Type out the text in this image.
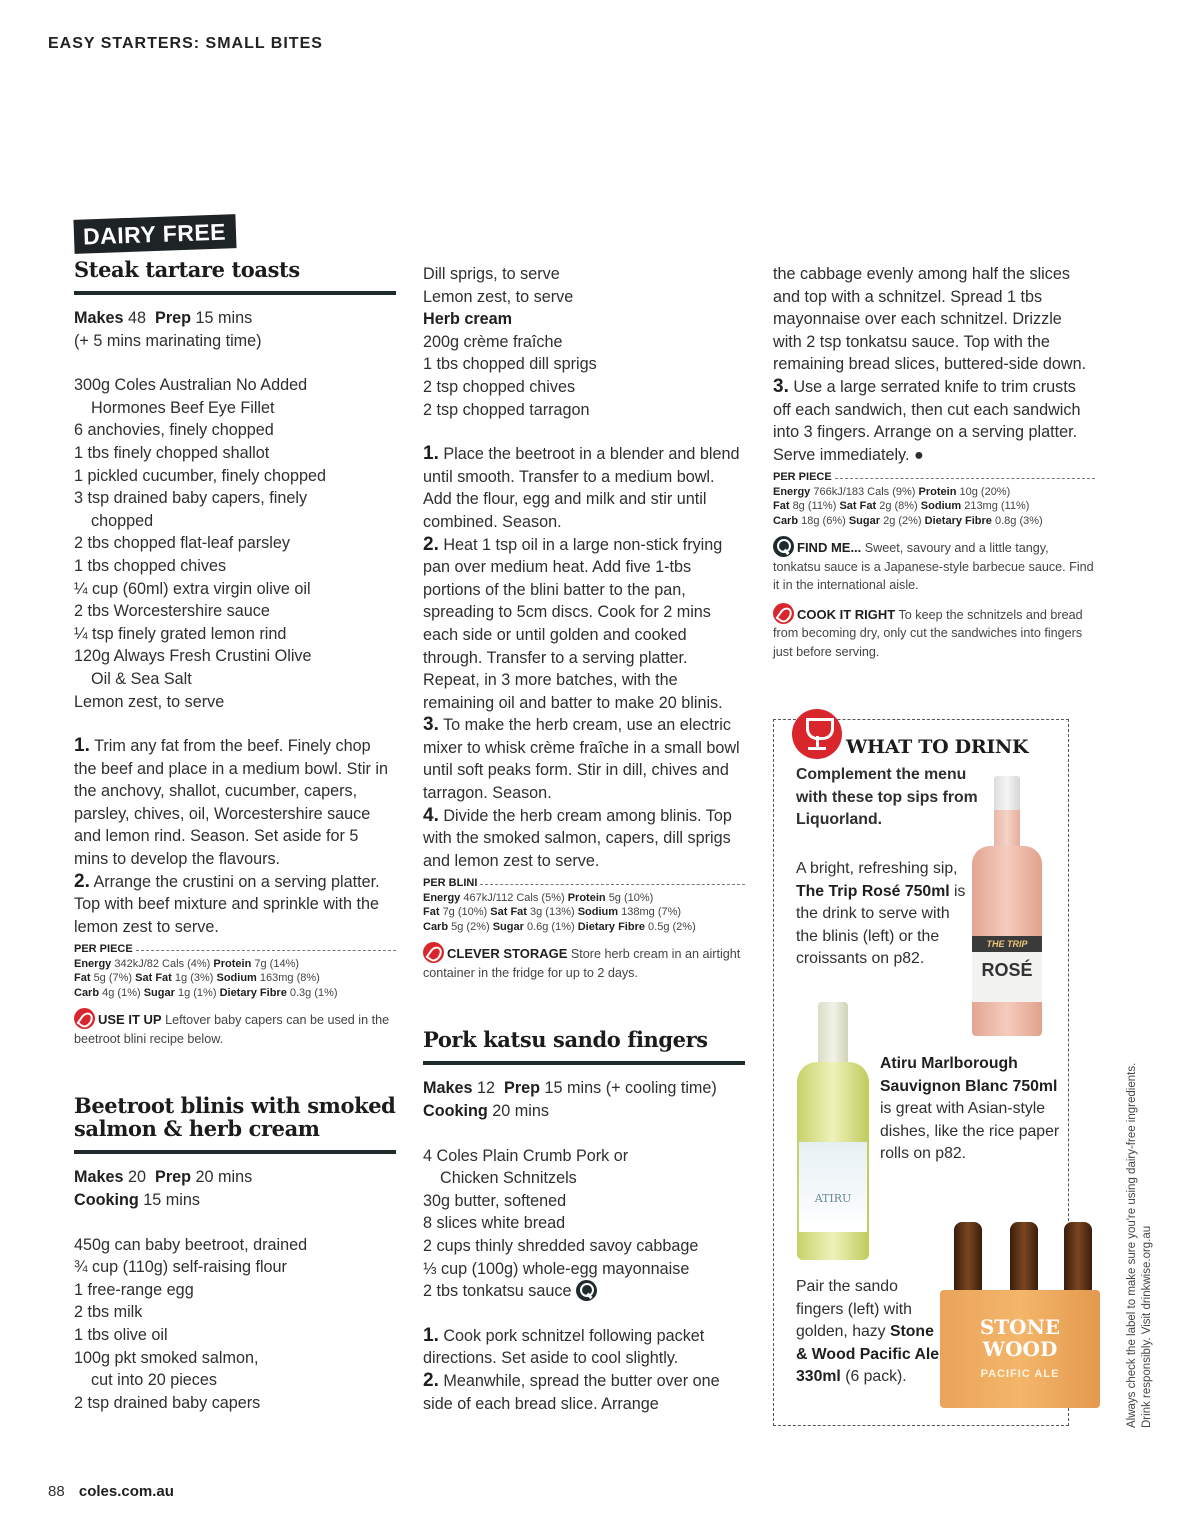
EASY STARTERS: SMALL BITES
DAIRY FREE
Steak tartare toasts
Makes 48 Prep 15 mins
(+ 5 mins marinating time)
300g Coles Australian No Added
Hormones Beef Eye Fillet
6 anchovies, finely chopped
1 tbs finely chopped shallot
1 pickled cucumber, finely chopped
3 tsp drained baby capers, finely
chopped
2 tbs chopped flat-leaf parsley
1 tbs chopped chives
¼ cup (60ml) extra virgin olive oil
2 tbs Worcestershire sauce
¼ tsp finely grated lemon rind
120g Always Fresh Crustini Olive
Oil & Sea Salt
Lemon zest, to serve

1. Trim any fat from the beef. Finely chop the beef and place in a medium bowl. Stir in the anchovy, shallot, cucumber, capers, parsley, chives, oil, Worcestershire sauce and lemon rind. Season. Set aside for 5 mins to develop the flavours.

2. Arrange the crustini on a serving platter. Top with beef mixture and sprinkle with the lemon zest to serve.

PER PIECE
Energy 342kJ/82 Cals (4%) Protein 7g (14%)
Fat 5g (7%) Sat Fat 1g (3%) Sodium 163mg (8%)
Carb 4g (1%) Sugar 1g (1%) Dietary Fibre 0.3g (1%)
USE IT UP Leftover baby capers can be used in the beetroot blini recipe below.
Beetroot blinis with smoked salmon & herb cream
Makes 20 Prep 20 mins
Cooking 15 mins
450g can baby beetroot, drained
¾ cup (110g) self-raising flour
1 free-range egg
2 tbs milk
1 tbs olive oil
100g pkt smoked salmon,
cut into 20 pieces
2 tsp drained baby capers
Dill sprigs, to serve
Lemon zest, to serve
Herb cream
200g crème fraîche
1 tbs chopped dill sprigs
2 tsp chopped chives
2 tsp chopped tarragon

1. Place the beetroot in a blender and blend until smooth. Transfer to a medium bowl. Add the flour, egg and milk and stir until combined. Season.

2. Heat 1 tsp oil in a large non-stick frying pan over medium heat. Add five 1-tbs portions of the blini batter to the pan, spreading to 5cm discs. Cook for 2 mins each side or until golden and cooked through. Transfer to a serving platter. Repeat, in 3 more batches, with the remaining oil and batter to make 20 blinis.

3. To make the herb cream, use an electric mixer to whisk crème fraîche in a small bowl until soft peaks form. Stir in dill, chives and tarragon. Season.

4. Divide the herb cream among blinis. Top with the smoked salmon, capers, dill sprigs and lemon zest to serve.

PER BLINI
Energy 467kJ/112 Cals (5%) Protein 5g (10%)
Fat 7g (10%) Sat Fat 3g (13%) Sodium 138mg (7%)
Carb 5g (2%) Sugar 0.6g (1%) Dietary Fibre 0.5g (2%)
CLEVER STORAGE Store herb cream in an airtight container in the fridge for up to 2 days.
Pork katsu sando fingers
Makes 12 Prep 15 mins (+ cooling time)
Cooking 20 mins
4 Coles Plain Crumb Pork or
Chicken Schnitzels
30g butter, softened
8 slices white bread
2 cups thinly shredded savoy cabbage
⅓ cup (100g) whole-egg mayonnaise
2 tbs tonkatsu sauce

1. Cook pork schnitzel following packet directions. Set aside to cool slightly.

2. Meanwhile, spread the butter over one side of each bread slice. Arrange

the cabbage evenly among half the slices and top with a schnitzel. Spread 1 tbs mayonnaise over each schnitzel. Drizzle with 2 tsp tonkatsu sauce. Top with the remaining bread slices, buttered-side down.

3. Use a large serrated knife to trim crusts off each sandwich, then cut each sandwich into 3 fingers. Arrange on a serving platter. Serve immediately. ●

PER PIECE
Energy 766kJ/183 Cals (9%) Protein 10g (20%)
Fat 8g (11%) Sat Fat 2g (8%) Sodium 213mg (11%)
Carb 18g (6%) Sugar 2g (2%) Dietary Fibre 0.8g (3%)
FIND ME... Sweet, savoury and a little tangy, tonkatsu sauce is a Japanese-style barbecue sauce. Find it in the international aisle.
COOK IT RIGHT To keep the schnitzels and bread from becoming dry, only cut the sandwiches into fingers just before serving.
WHAT TO DRINK
Complement the menu with these top sips from Liquorland.
A bright, refreshing sip, The Trip Rosé 750ml is the drink to serve with the blinis (left) or the croissants on p82.
THE TRIP
ROSÉ
ATIRU
Atiru Marlborough Sauvignon Blanc 750ml is great with Asian-style dishes, like the rice paper rolls on p82.
Pair the sando fingers (left) with golden, hazy Stone & Wood Pacific Ale 330ml (6 pack).
STONE
WOOD
PACIFIC ALE	Always check the label to make sure you're using dairy-free ingredients. Drink responsibly. Visit drinkwise.org.au
88 coles.com.au
